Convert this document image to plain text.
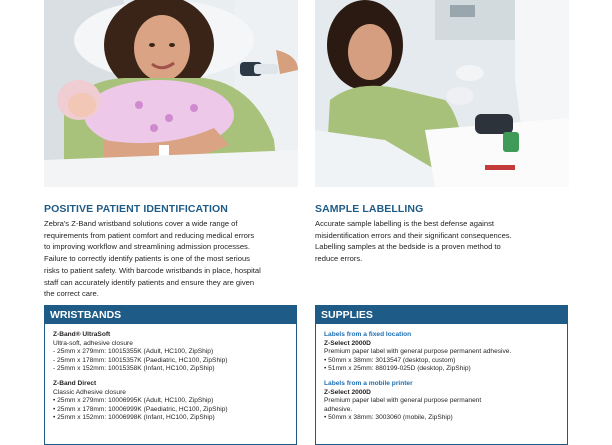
POSITIVE PATIENT IDENTIFICATION
Zebra's Z-Band wristband solutions cover a wide range of
requirements from patient comfort and reducing medical errors
to improving workflow and streamlining admission processes.
Failure to correctly identify patients is one of the most serious
risks to patient safety. With barcode wristbands in place, hospital
staff can accurately identify patients and ensure they are given
the correct care.
SAMPLE LABELLING
Accurate sample labelling is the best defense against
misidentification errors and their significant consequences.
Labelling samples at the bedside is a proven method to
reduce errors.
WRISTBANDS
Z-Band® UltraSoft
Ultra-soft, adhesive closure
- 25mm x 279mm: 10015355K (Adult, HC100, ZipShip)
- 25mm x 178mm: 10015357K (Paediatric, HC100, ZipShip)
- 25mm x 152mm: 10015358K (Infant, HC100, ZipShip)
Z-Band Direct
Classic Adhesive closure
• 25mm x 279mm: 10006995K (Adult, HC100, ZipShip)
• 25mm x 178mm: 10006999K (Paediatric, HC100, ZipShip)
• 25mm x 152mm: 10006998K (Infant, HC100, ZipShip)
SUPPLIES
Labels from a fixed location
Z-Select 2000D
Premium paper label with general purpose permanent adhesive.
• 50mm x 38mm: 3013547 (desktop, custom)
• 51mm x 25mm: 880199-025D (desktop, ZipShip)
Labels from a mobile printer
Z-Select 2000D
Premium paper label with general purpose permanent
adhesive.
• 50mm x 38mm: 3003060 (mobile, ZipShip)
